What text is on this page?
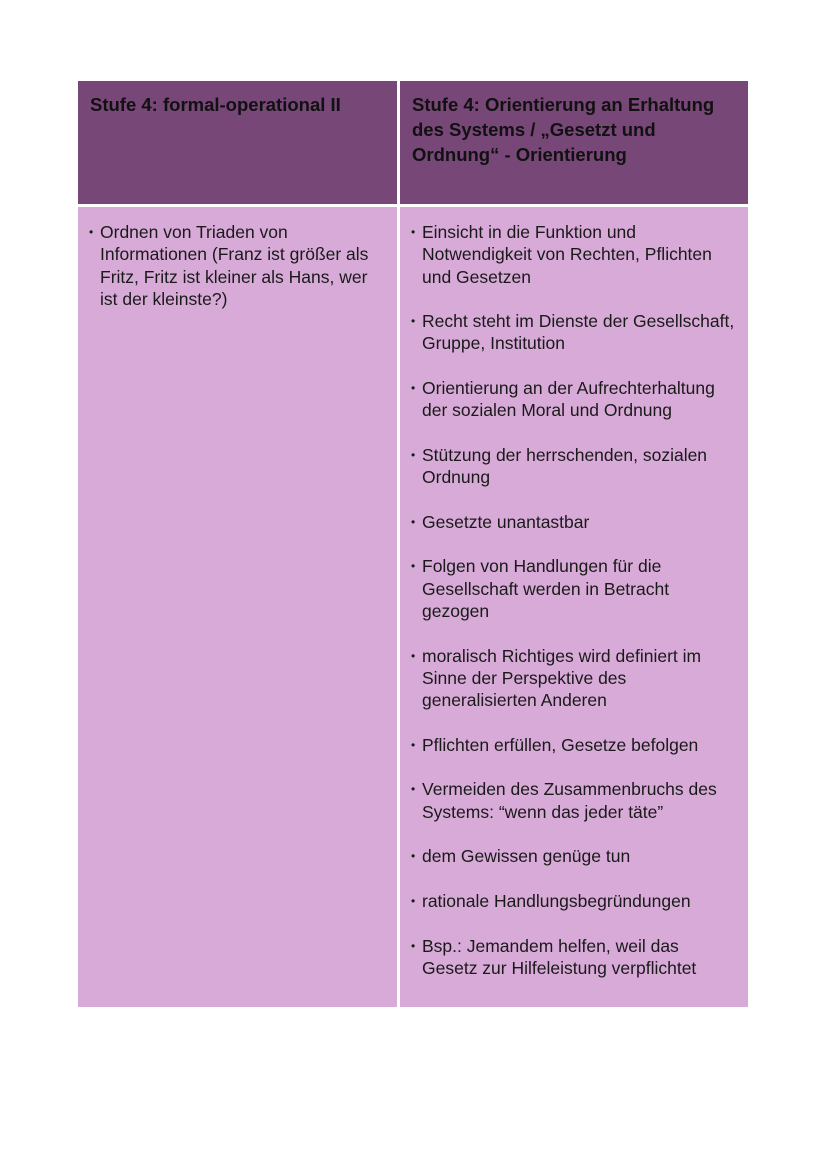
Stufe 4: formal-operational II	Stufe 4: Orientierung an Erhaltung des Systems / „Gesetzt und Ordnung“ - Orientierung
• Ordnen von Triaden von Informationen (Franz ist größer als Fritz, Fritz ist kleiner als Hans, wer ist der kleinste?)
• Einsicht in die Funktion und Notwendigkeit von Rechten, Pflichten und Gesetzen
• Recht steht im Dienste der Gesellschaft, Gruppe, Institution
• Orientierung an der Aufrechterhaltung der sozialen Moral und Ordnung
• Stützung der herrschenden, sozialen Ordnung
• Gesetzte unantastbar
• Folgen von Handlungen für die Gesellschaft werden in Betracht gezogen
• moralisch Richtiges wird definiert im Sinne der Perspektive des generalisierten Anderen
• Pflichten erfüllen, Gesetze befolgen
• Vermeiden des Zusammenbruchs des Systems: “wenn das jeder täte”
• dem Gewissen genüge tun
• rationale Handlungsbegründungen
• Bsp.: Jemandem helfen, weil das Gesetz zur Hilfeleistung verpflichtet
